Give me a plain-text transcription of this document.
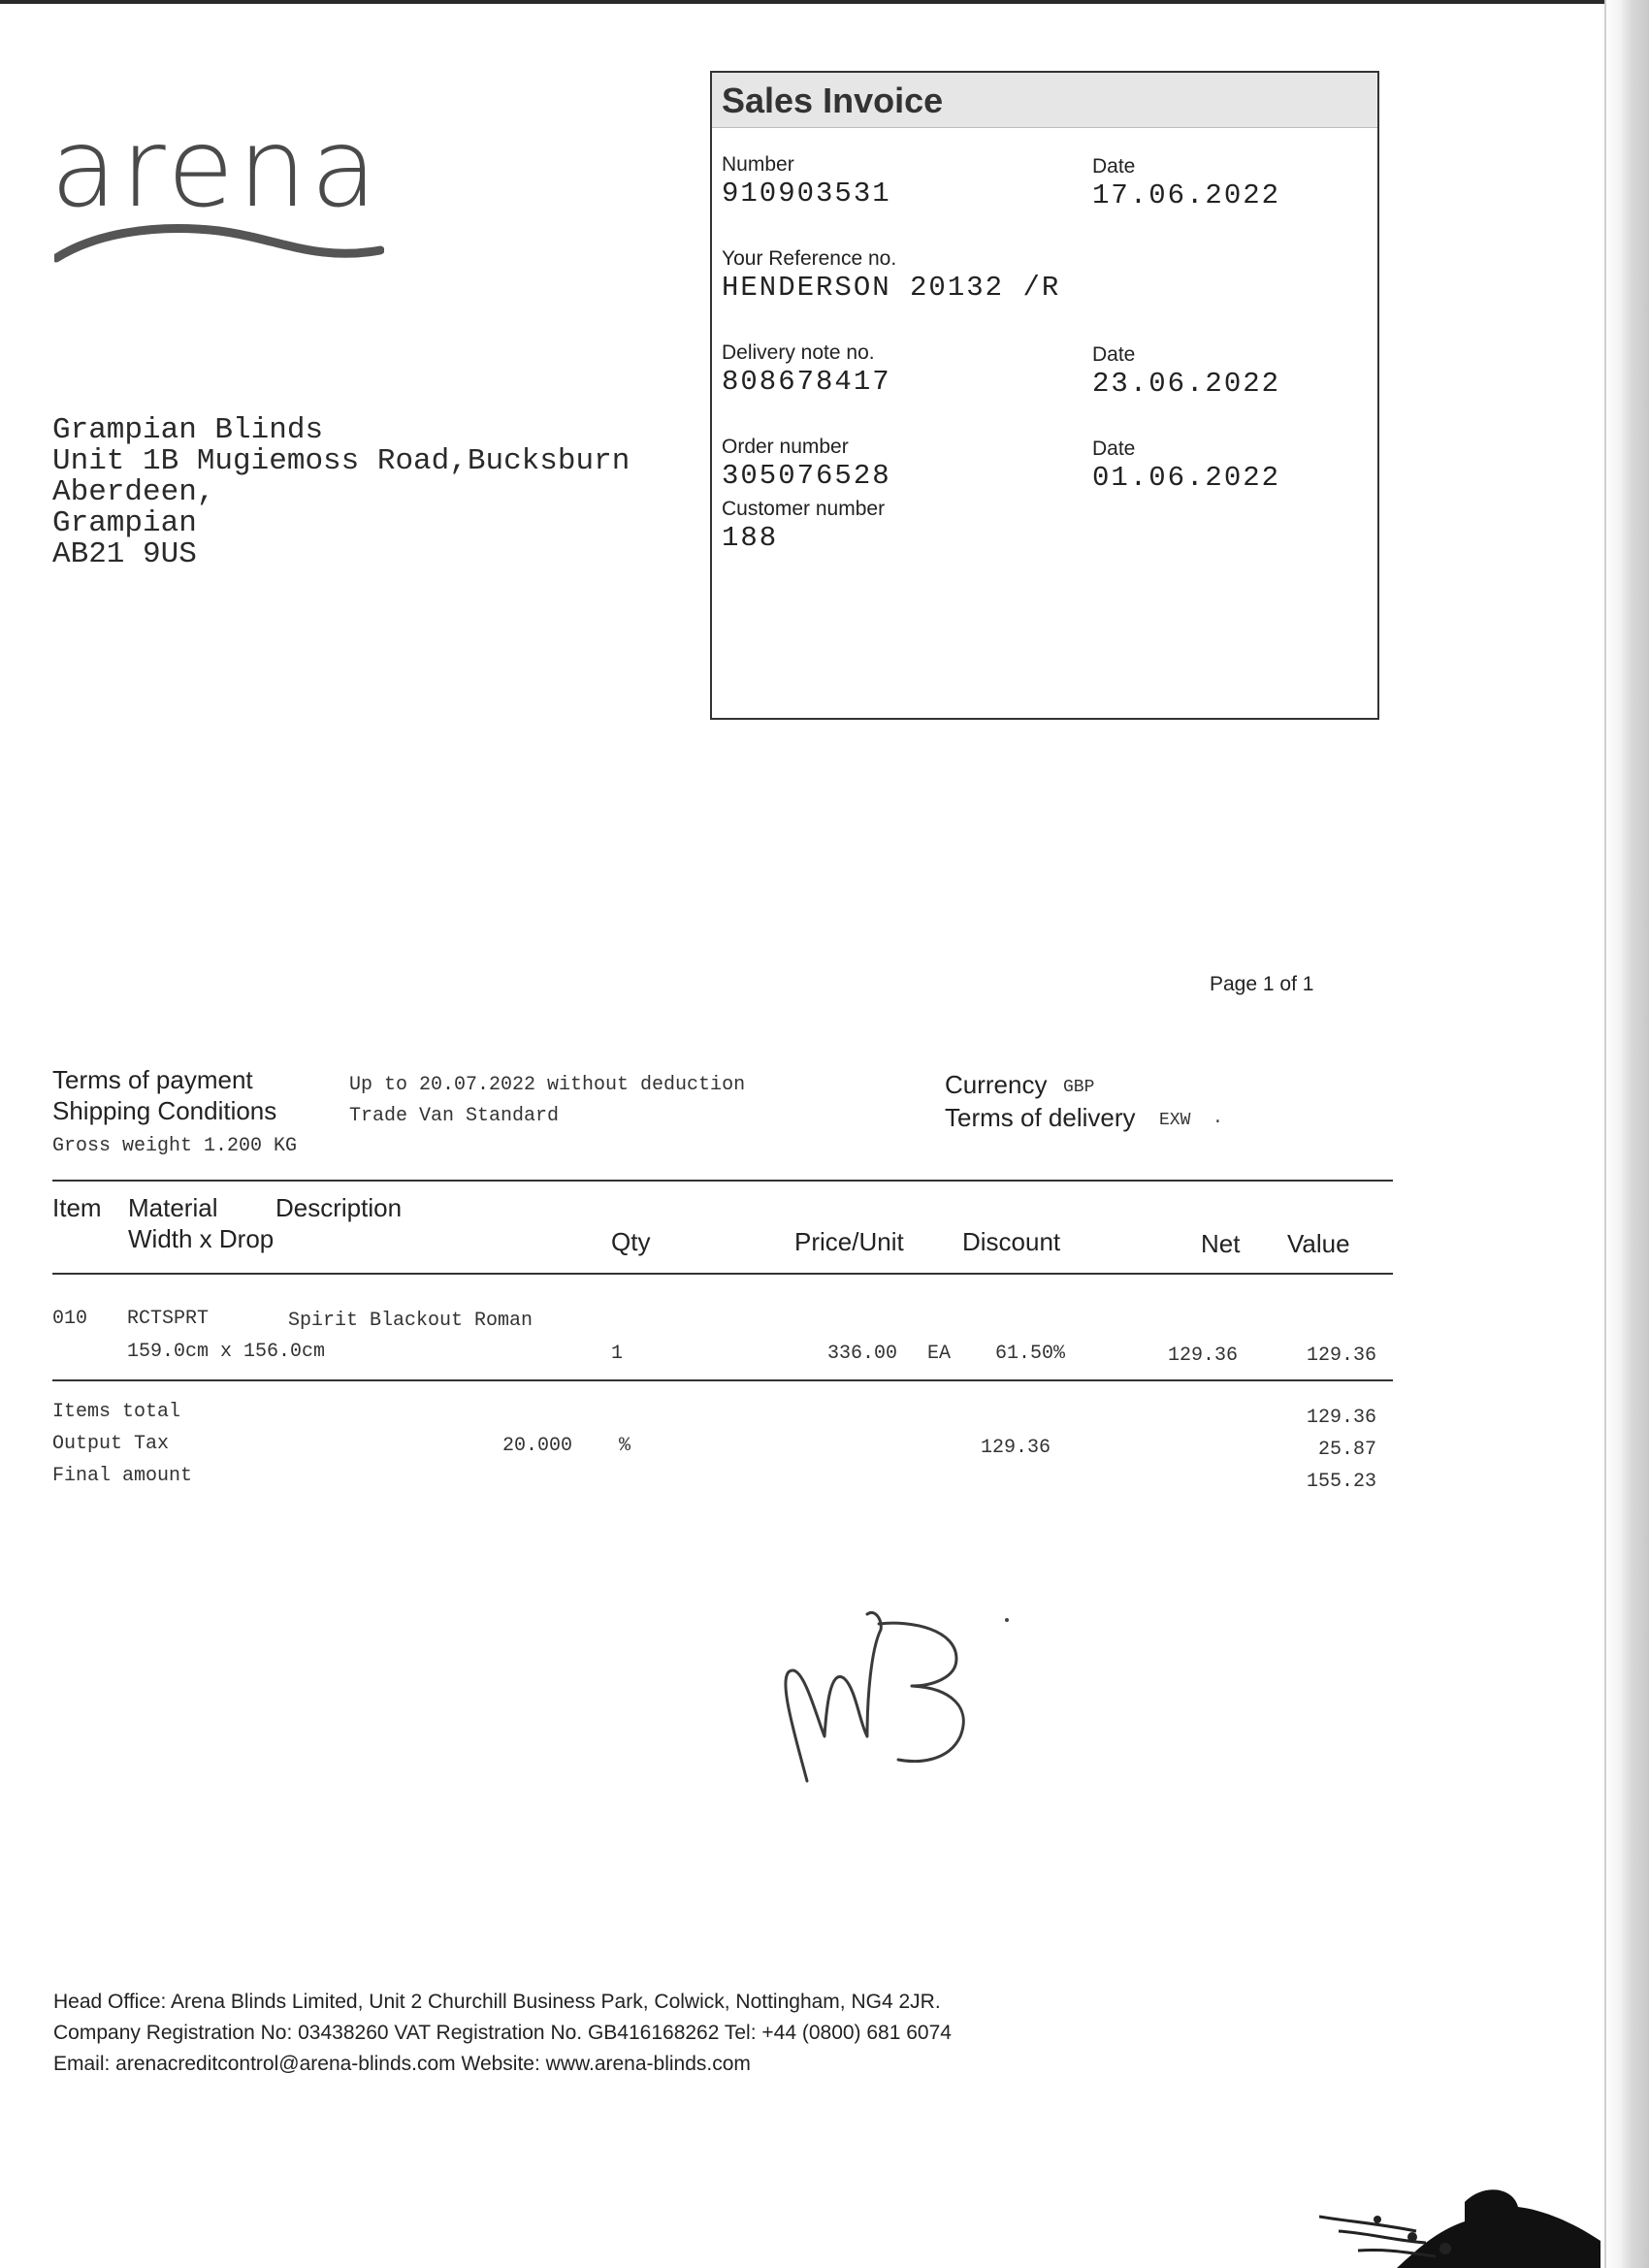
arena
Grampian Blinds
Unit 1B Mugiemoss Road,Bucksburn
Aberdeen,
Grampian
AB21 9US
Sales Invoice
Number
910903531
Date
17.06.2022
Your Reference no.
HENDERSON 20132 /R
Delivery note no.
808678417
Date
23.06.2022
Order number
305076528
Date
01.06.2022
Customer number
188
Page 1 of 1
Terms of payment	Up to 20.07.2022 without deduction
Shipping Conditions	Trade Van Standard
Gross weight 1.200 KG
Currency GBP
Terms of delivery EXW .
Item Material Description
Width x Drop	Qty	Price/Unit Discount	Net Value
010 RCTSPRT	Spirit Blackout Roman
159.0cm x 156.0cm	1	336.00 EA 61.50%	129.36	129.36
Items total	129.36
Output Tax	20.000 %	129.36	25.87
Final amount	155.23
Head Office: Arena Blinds Limited, Unit 2 Churchill Business Park, Colwick, Nottingham, NG4 2JR.
Company Registration No: 03438260 VAT Registration No. GB416168262 Tel: +44 (0800) 681 6074
Email: arenacreditcontrol@arena-blinds.com Website: www.arena-blinds.com
